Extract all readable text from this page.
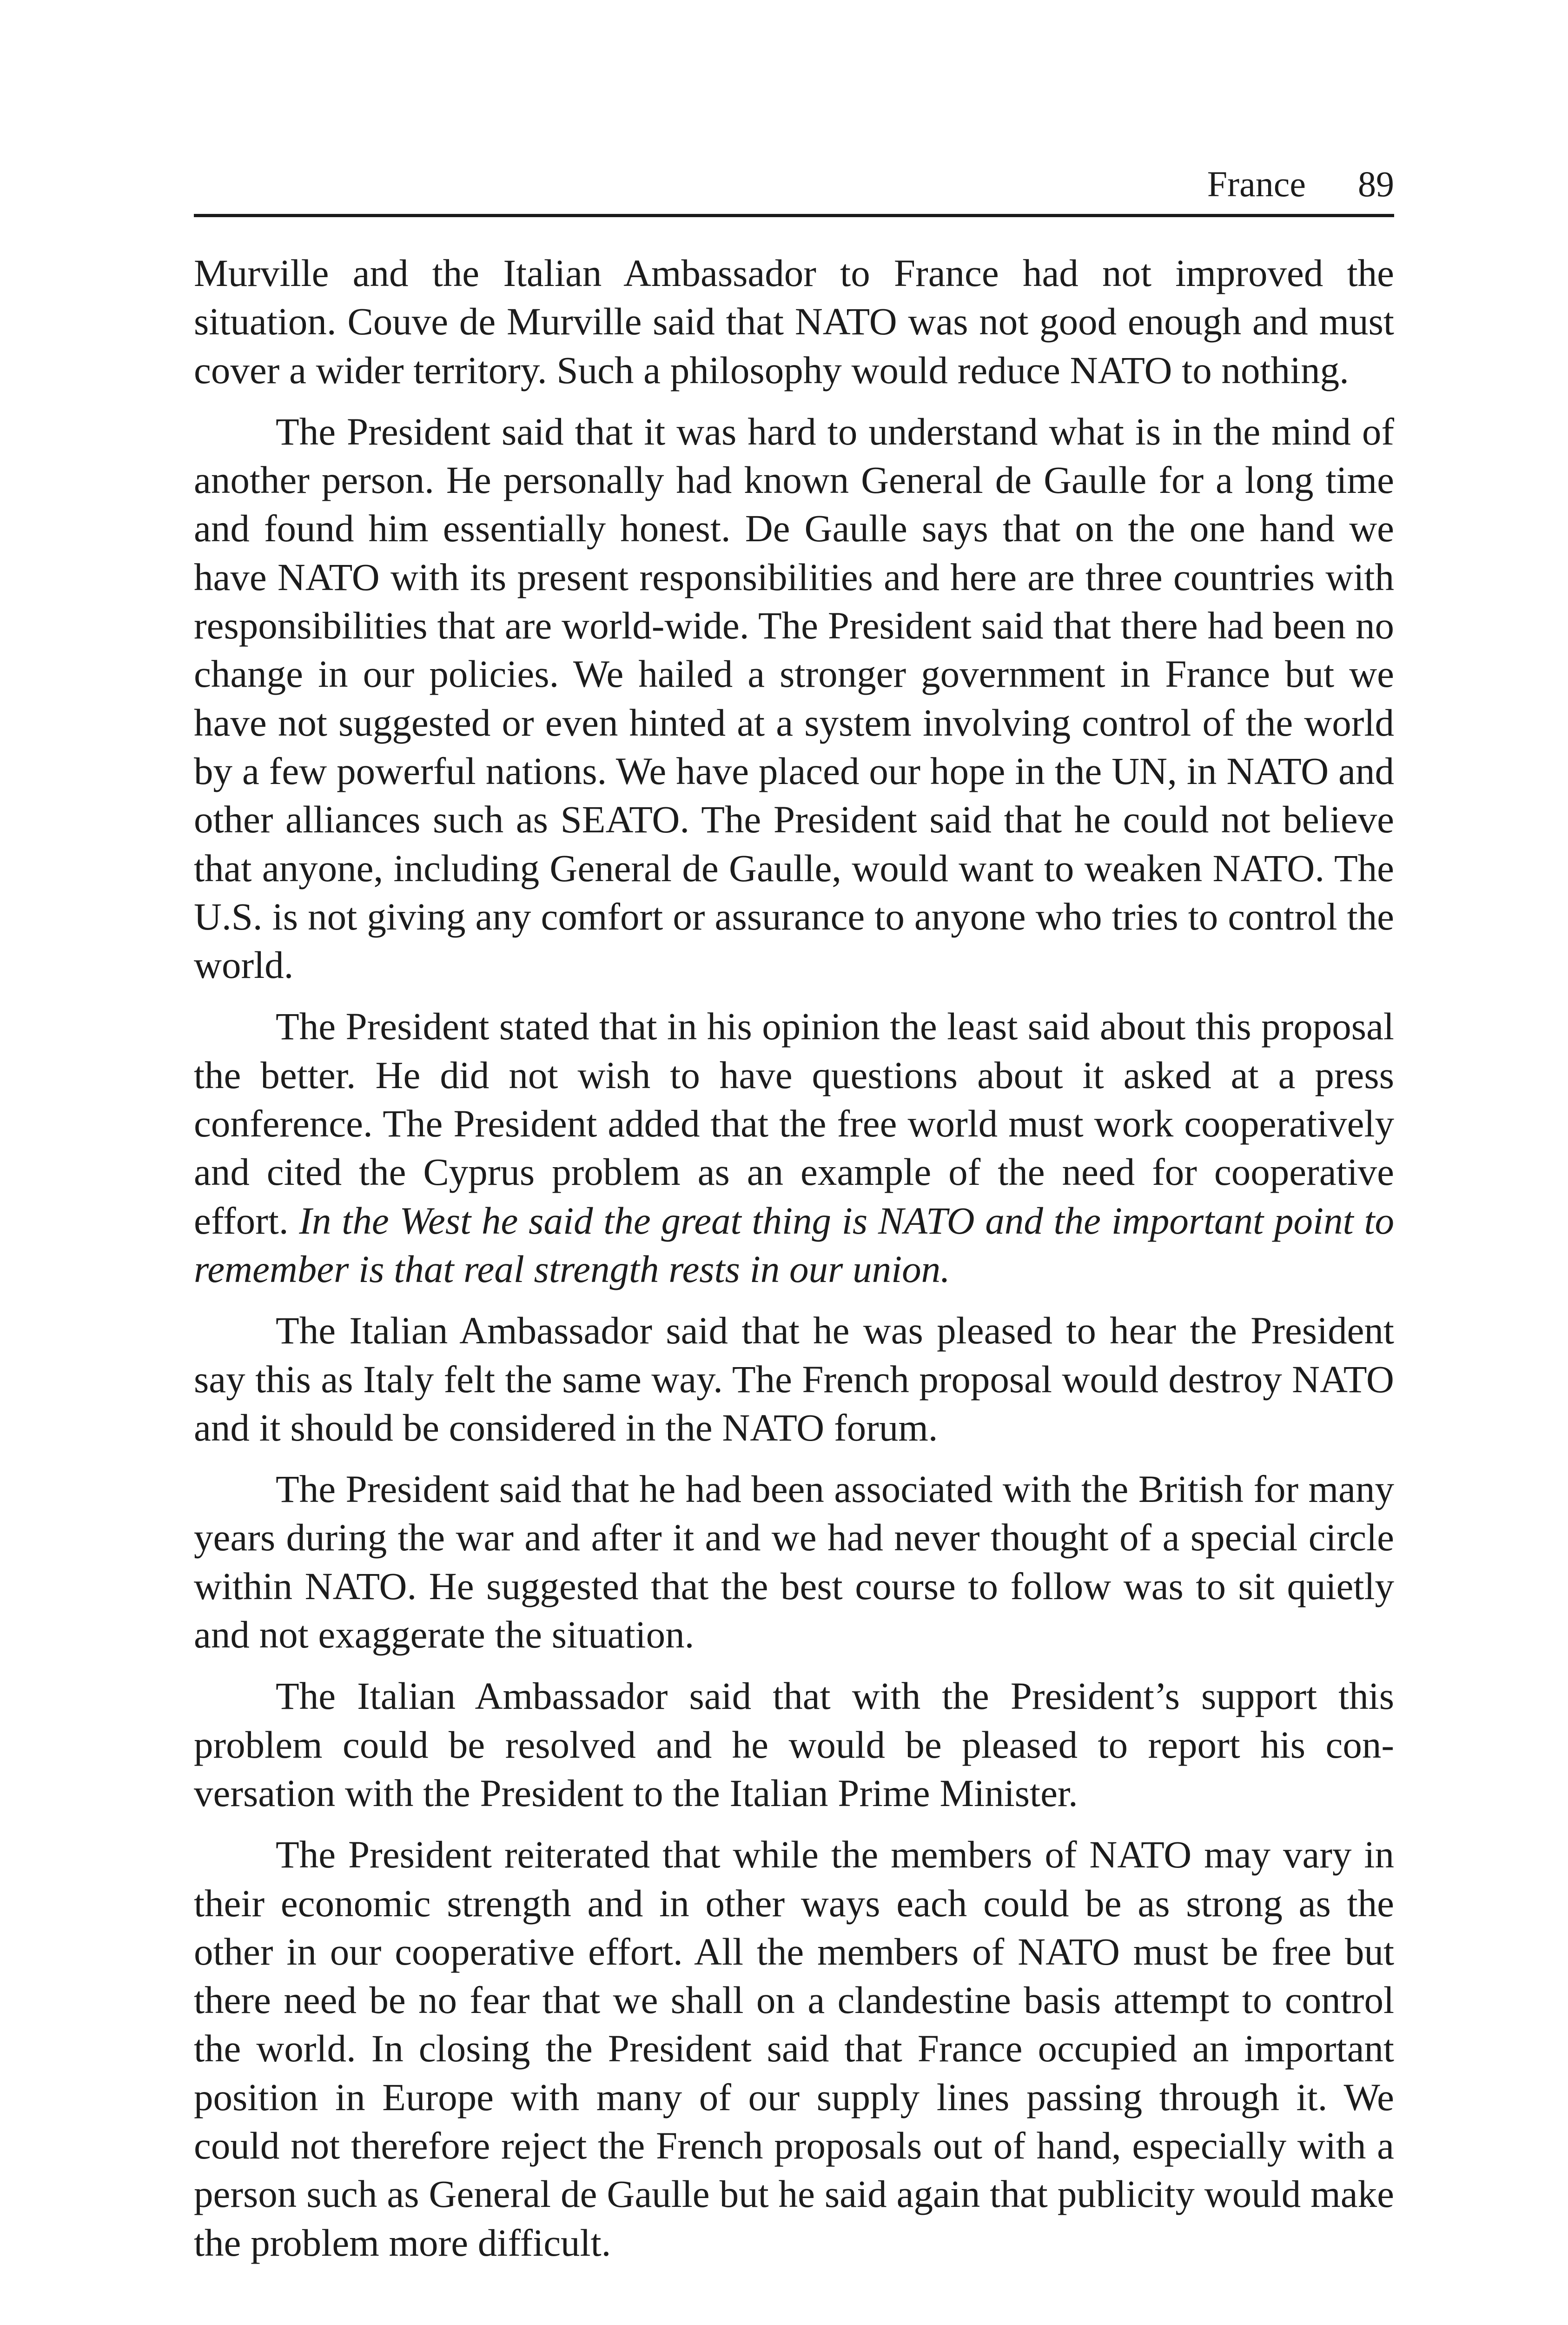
France 89

Murville and the Italian Ambassador to France had not improved the situation. Couve de Murville said that NATO was not good enough and must cover a wider territory. Such a philosophy would reduce NATO to nothing.

The President said that it was hard to understand what is in the mind of another person. He personally had known General de Gaulle for a long time and found him essentially honest. De Gaulle says that on the one hand we have NATO with its present responsibilities and here are three countries with responsibilities that are world-wide. The President said that there had been no change in our policies. We hailed a stronger government in France but we have not suggested or even hinted at a system involving control of the world by a few powerful nations. We have placed our hope in the UN, in NATO and other alliances such as SEATO. The President said that he could not believe that anyone, including General de Gaulle, would want to weaken NATO. The U.S. is not giving any comfort or assurance to anyone who tries to control the world.

The President stated that in his opinion the least said about this proposal the better. He did not wish to have questions about it asked at a press conference. The President added that the free world must work cooperatively and cited the Cyprus problem as an example of the need for cooperative effort. In the West he said the great thing is NATO and the important point to remember is that real strength rests in our union.

The Italian Ambassador said that he was pleased to hear the President say this as Italy felt the same way. The French proposal would destroy NATO and it should be considered in the NATO forum.

The President said that he had been associated with the British for many years during the war and after it and we had never thought of a special circle within NATO. He suggested that the best course to follow was to sit quietly and not exaggerate the situation.

The Italian Ambassador said that with the President’s support this problem could be resolved and he would be pleased to report his conversation with the President to the Italian Prime Minister.

The President reiterated that while the members of NATO may vary in their economic strength and in other ways each could be as strong as the other in our cooperative effort. All the members of NATO must be free but there need be no fear that we shall on a clandestine basis attempt to control the world. In closing the President said that France occupied an important position in Europe with many of our supply lines passing through it. We could not therefore reject the French proposals out of hand, especially with a person such as General de Gaulle but he said again that publicity would make the problem more difficult.
